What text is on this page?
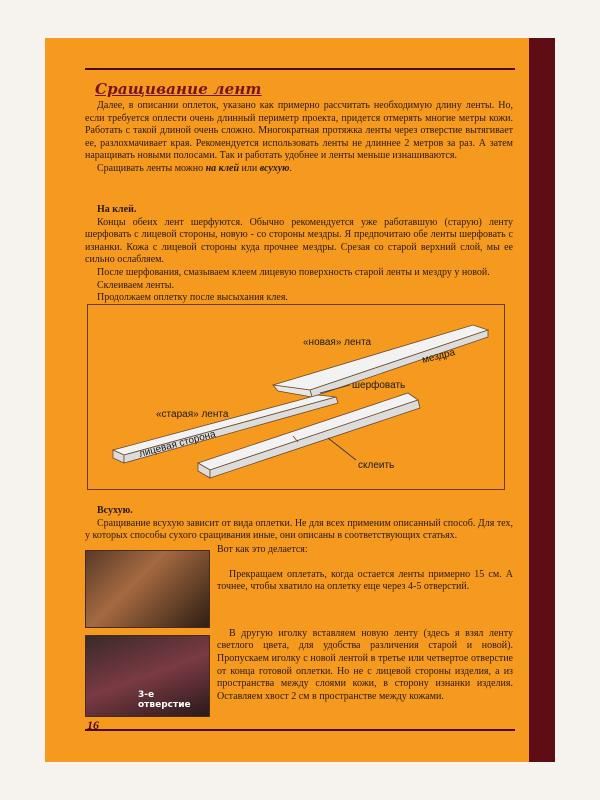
Сращивание лент

Далее, в описании оплеток, указано как примерно рассчитать необходимую длину ленты. Но, если требуется оплести очень длинный периметр проекта, придется отмерять многие метры кожи. Работать с такой длиной очень сложно. Многократная протяжка ленты через отверстие вытягивает ее, разлохмачивает края. Рекомендуется использовать ленты не длиннее 2 метров за раз. А затем наращивать новыми полосами. Так и работать удобнее и ленты меньше изнашиваются.

Сращивать ленты можно на клей или всухую.

На клей.

Концы обеих лент шерфуются. Обычно рекомендуется уже работавшую (старую) ленту шерфовать с лицевой стороны, новую - со стороны мездры. Я предпочитаю обе ленты шерфовать с изнанки. Кожа с лицевой стороны куда прочнее мездры. Срезая со старой верхний слой, мы ее сильно ослабляем.

После шерфования, смазываем клеем лицевую поверхность старой ленты и мездру у новой.

Склеиваем ленты.

Продолжаем оплетку после высыхания клея.

«новая» лента
мездра
«старая» лента
лицевая сторона
шерфовать
склеить

Всухую.

Сращивание всухую зависит от вида оплетки. Не для всех применим описанный способ. Для тех, у которых способы сухого сращивания иные, они описаны в соответствующих статьях.

3-е отверстие

Вот как это делается:

Прекращаем оплетать, когда остается ленты примерно 15 см. А точнее, чтобы хватило на оплетку еще через 4-5 отверстий.

В другую иголку вставляем новую ленту (здесь я взял ленту светлого цвета, для удобства различения старой и новой). Пропускаем иголку с новой лентой в третье или четвертое отверстие от конца готовой оплетки. Но не с лицевой стороны изделия, а из пространства между слоями кожи, в сторону изнанки изделия. Оставляем хвост 2 см в пространстве между кожами.

16
